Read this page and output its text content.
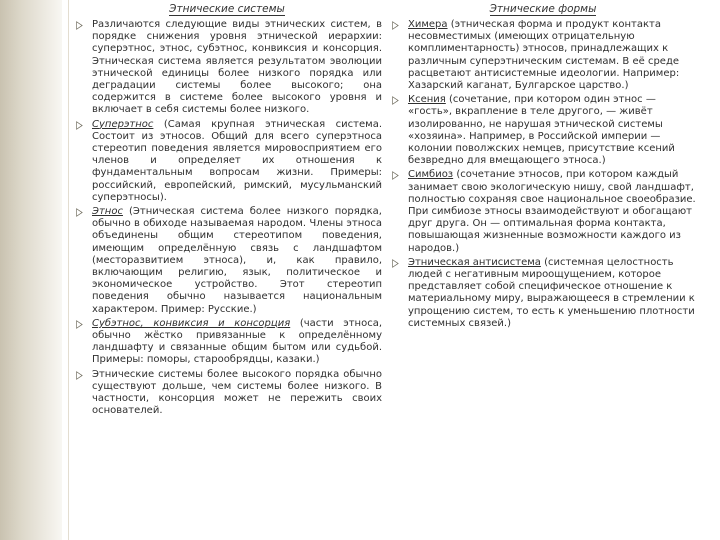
Этнические системы
Различаются следующие виды этнических систем, в порядке снижения уровня этнической иерархии: суперэтнос, этнос, субэтнос, конвиксия и консорция. Этническая система является результатом эволюции этнической единицы более низкого порядка или деградации системы более высокого; она содержится в системе более высокого уровня и включает в себя системы более низкого.
Суперэтнос (Самая крупная этническая система. Состоит из этносов. Общий для всего суперэтноса стереотип поведения является мировосприятием его членов и определяет их отношения к фундаментальным вопросам жизни. Примеры: российский, европейский, римский, мусульманский суперэтносы).
Этнос (Этническая система более низкого порядка, обычно в обиходе называемая народом. Члены этноса объединены общим стереотипом поведения, имеющим определённую связь с ландшафтом (месторазвитием этноса), и, как правило, включающим религию, язык, политическое и экономическое устройство. Этот стереотип поведения обычно называется национальным характером. Пример: Русские.)
Субэтнос, конвиксия и консорция (части этноса, обычно жёстко привязанные к определённому ландшафту и связанные общим бытом или судьбой. Примеры: поморы, старообрядцы, казаки.)
Этнические системы более высокого порядка обычно существуют дольше, чем системы более низкого. В частности, консорция может не пережить своих основателей.
Этнические формы
Химера (этническая форма и продукт контакта несовместимых (имеющих отрицательную комплиментарность) этносов, принадлежащих к различным суперэтническим системам. В её среде расцветают антисистемные идеологии. Например: Хазарский каганат, Булгарское царство.)
Ксения (сочетание, при котором один этнос — «гость», вкрапление в теле другого, — живёт изолированно, не нарушая этнической системы «хозяина». Например, в Российской империи — колонии поволжских немцев, присутствие ксений безвредно для вмещающего этноса.)
Симбиоз (сочетание этносов, при котором каждый занимает свою экологическую нишу, свой ландшафт, полностью сохраняя свое национальное своеобразие. При симбиозе этносы взаимодействуют и обогащают друг друга. Он — оптимальная форма контакта, повышающая жизненные возможности каждого из народов.)
Этническая антисистема (системная целостность людей с негативным мироощущением, которое представляет собой специфическое отношение к материальному миру, выражающееся в стремлении к упрощению систем, то есть к уменьшению плотности системных связей.)
